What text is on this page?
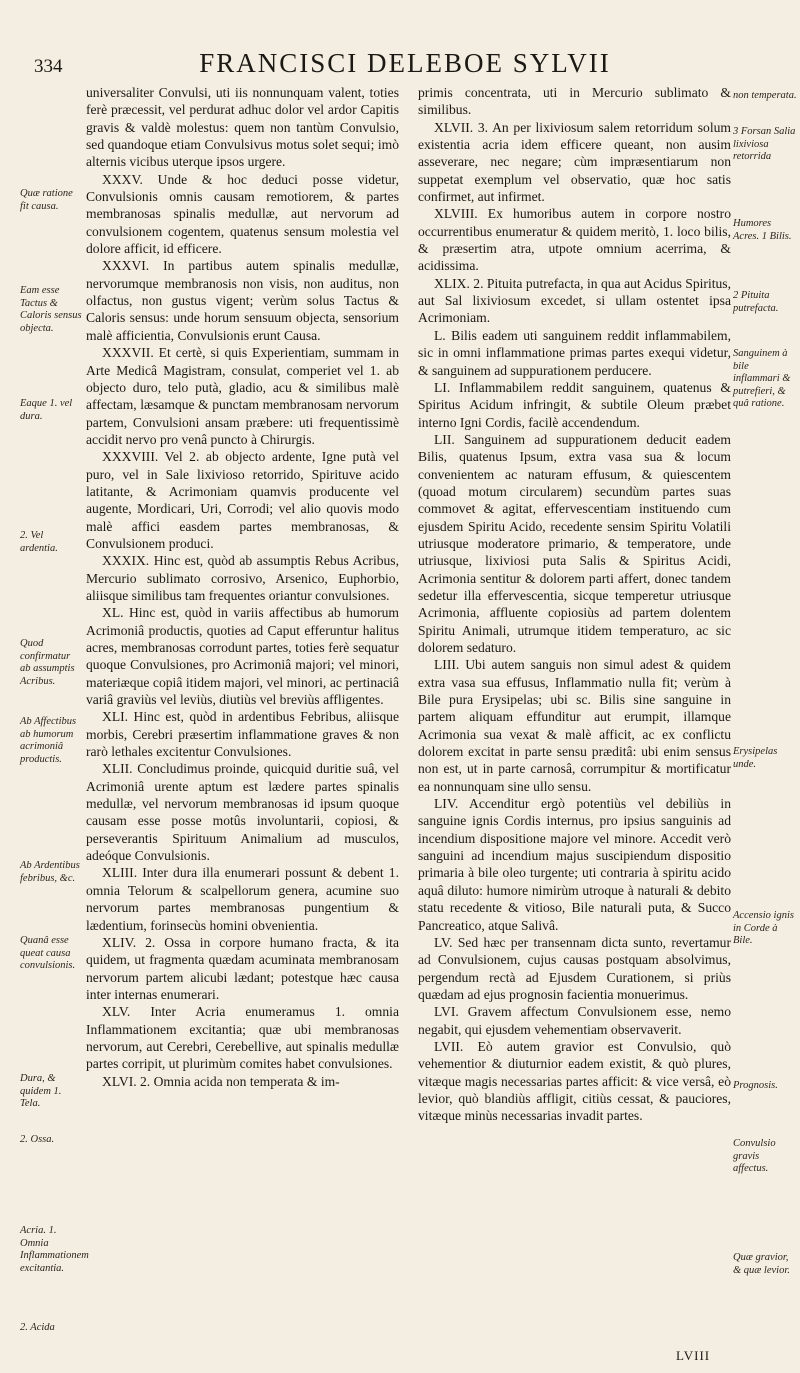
334	FRANCISCI DELEBOE SYLVII

universaliter Convulsi, uti iis nonnunquam valent, toties ferè præcessit, vel perdurat adhuc dolor vel ardor Capitis gravis & valdè molestus: quem non tantùm Convulsio, sed quandoque etiam Convulsivus motus solet sequi; imò alternis vicibus uterque ipsos urgere.

XXXV. Unde & hoc deduci posse videtur, Convulsionis omnis causam remotiorem, & partes membranosas spinalis medullæ, aut nervorum ad convulsionem cogentem, quatenus sensum molestia vel dolore afficit, id efficere.

XXXVI. In partibus autem spinalis medullæ, nervorumque membranosis non visis, non auditus, non olfactus, non gustus vigent; verùm solus Tactus & Caloris sensus: unde horum sensuum objecta, sensorium malè afficientia, Convulsionis erunt Causa.

XXXVII. Et certè, si quis Experientiam, summam in Arte Medicâ Magistram, consulat, comperiet vel 1. ab objecto duro, telo putà, gladio, acu & similibus malè affectam, læsamque & punctam membranosam nervorum partem, Convulsioni ansam præbere: uti frequentissimè accidit nervo pro venâ puncto à Chirurgis.

XXXVIII. Vel 2. ab objecto ardente, Igne putà vel puro, vel in Sale lixivioso retorrido, Spirituve acido latitante, & Acrimoniam quamvis producente vel augente, Mordicari, Uri, Corrodi; vel alio quovis modo malè affici easdem partes membranosas, & Convulsionem produci.

XXXIX. Hinc est, quòd ab assumptis Rebus Acribus, Mercurio sublimato corrosivo, Arsenico, Euphorbio, aliisque similibus tam frequentes oriantur convulsiones.

XL. Hinc est, quòd in variis affectibus ab humorum Acrimoniâ productis, quoties ad Caput efferuntur halitus acres, membranosas corrodunt partes, toties ferè sequatur quoque Convulsiones, pro Acrimoniâ majori; vel minori, materiæque copiâ itidem majori, vel minori, ac pertinaciâ variâ graviùs vel leviùs, diutiùs vel breviùs affligentes.

XLI. Hinc est, quòd in ardentibus Febribus, aliisque morbis, Cerebri præsertim inflammatione graves & non rarò lethales excitentur Convulsiones.

XLII. Concludimus proinde, quicquid duritie suâ, vel Acrimoniâ urente aptum est lædere partes spinalis medullæ, vel nervorum membranosas id ipsum quoque causam esse posse motûs involuntarii, copiosi, & perseverantis Spirituum Animalium ad musculos, adeóque Convulsionis.

XLIII. Inter dura illa enumerari possunt & debent 1. omnia Telorum & scalpellorum genera, acumine suo nervorum partes membranosas pungentium & lædentium, forinsecùs homini obvenientia.

XLIV. 2. Ossa in corpore humano fracta, & ita quidem, ut fragmenta quædam acuminata membranosam nervorum partem alicubi lædant; potestque hæc causa inter internas enumerari.

XLV. Inter Acria enumeramus 1. omnia Inflammationem excitantia; quæ ubi membranosas nervorum, aut Cerebri, Cerebellive, aut spinalis medullæ partes corripit, ut plurimùm comites habet convulsiones.

XLVI. 2. Omnia acida non temperata & im-

primis concentrata, uti in Mercurio sublimato & similibus.

XLVII. 3. An per lixiviosum salem retorridum solum existentia acria idem efficere queant, non ausim asseverare, nec negare; cùm impræsentiarum non suppetat exemplum vel observatio, quæ hoc satis confirmet, aut infirmet.

XLVIII. Ex humoribus autem in corpore nostro occurrentibus enumeratur & quidem meritò, 1. loco bilis, & præsertim atra, utpote omnium acerrima, & acidissima.

XLIX. 2. Pituita putrefacta, in qua aut Acidus Spiritus, aut Sal lixiviosum excedet, si ullam ostentet ipsa Acrimoniam.

L. Bilis eadem uti sanguinem reddit inflammabilem, sic in omni inflammatione primas partes exequi videtur, & sanguinem ad suppurationem perducere.

LI. Inflammabilem reddit sanguinem, quatenus & Spiritus Acidum infringit, & subtile Oleum præbet interno Igni Cordis, facilè accendendum.

LII. Sanguinem ad suppurationem deducit eadem Bilis, quatenus Ipsum, extra vasa sua & locum convenientem ac naturam effusum, & quiescentem (quoad motum circularem) secundùm partes suas commovet & agitat, effervescentiam instituendo cum ejusdem Spiritu Acido, recedente sensim Spiritu Volatili utriusque moderatore primario, & temperatore, unde utriusque, lixiviosi puta Salis & Spiritus Acidi, Acrimonia sentitur & dolorem parti affert, donec tandem sedetur illa effervescentia, sicque temperetur utriusque Acrimonia, affluente copiosiùs ad partem dolentem Spiritu Animali, utrumque itidem temperaturo, ac sic dolorem sedaturo.

LIII. Ubi autem sanguis non simul adest & quidem extra vasa sua effusus, Inflammatio nulla fit; verùm à Bile pura Erysipelas; ubi sc. Bilis sine sanguine in partem aliquam effunditur aut erumpit, illamque Acrimonia sua vexat & malè afficit, ac ex conflictu dolorem excitat in parte sensu præditâ: ubi enim sensus non est, ut in parte carnosâ, corrumpitur & mortificatur ea nonnunquam sine ullo sensu.

LIV. Accenditur ergò potentiùs vel debiliùs in sanguine ignis Cordis internus, pro ipsius sanguinis ad incendium dispositione majore vel minore. Accedit verò sanguini ad incendium majus suscipiendum dispositio primaria à bile oleo turgente; uti contraria à spiritu acido aquâ diluto: humore nimirùm utroque à naturali & debito statu recedente & vitioso, Bile naturali puta, & Succo Pancreatico, atque Salivâ.

LV. Sed hæc per transennam dicta sunto, revertamur ad Convulsionem, cujus causas postquam absolvimus, pergendum rectà ad Ejusdem Curationem, si priùs quædam ad ejus prognosin facientia monuerimus.

LVI. Gravem affectum Convulsionem esse, nemo negabit, qui ejusdem vehementiam observaverit.

LVII. Eò autem gravior est Convulsio, quò vehementior & diuturnior eadem existit, & quò plures, vitæque magis necessarias partes afficit: & vice versâ, eò levior, quò blandiùs affligit, citiùs cessat, & pauciores, vitæque minùs necessarias invadit partes.

Quæ ratione fit causa.
Eam esse Tactus & Caloris sensus objecta.
Eaque 1. vel dura.
2. Vel ardentia.
Quod confirmatur ab assumptis Acribus.
Ab Affectibus ab humorum acrimoniâ productis.
Ab Ardentibus febribus, &c.
Quanâ esse queat causa convulsionis.
Dura, & quidem 1. Tela.
2. Ossa.
Acria. 1. Omnia Inflammationem excitantia.
2. Acida
non temperata.
3 Forsan Salia lixiviosa retorrida
Humores Acres. 1 Bilis.
2 Pituita putrefacta.
Sanguinem à bile inflammari & putrefieri, & quâ ratione.
Erysipelas unde.
Accensio ignis in Corde à Bile.
Prognosis.
Convulsio gravis affectus.
Quæ gravior, & quæ levior.
LVIII
